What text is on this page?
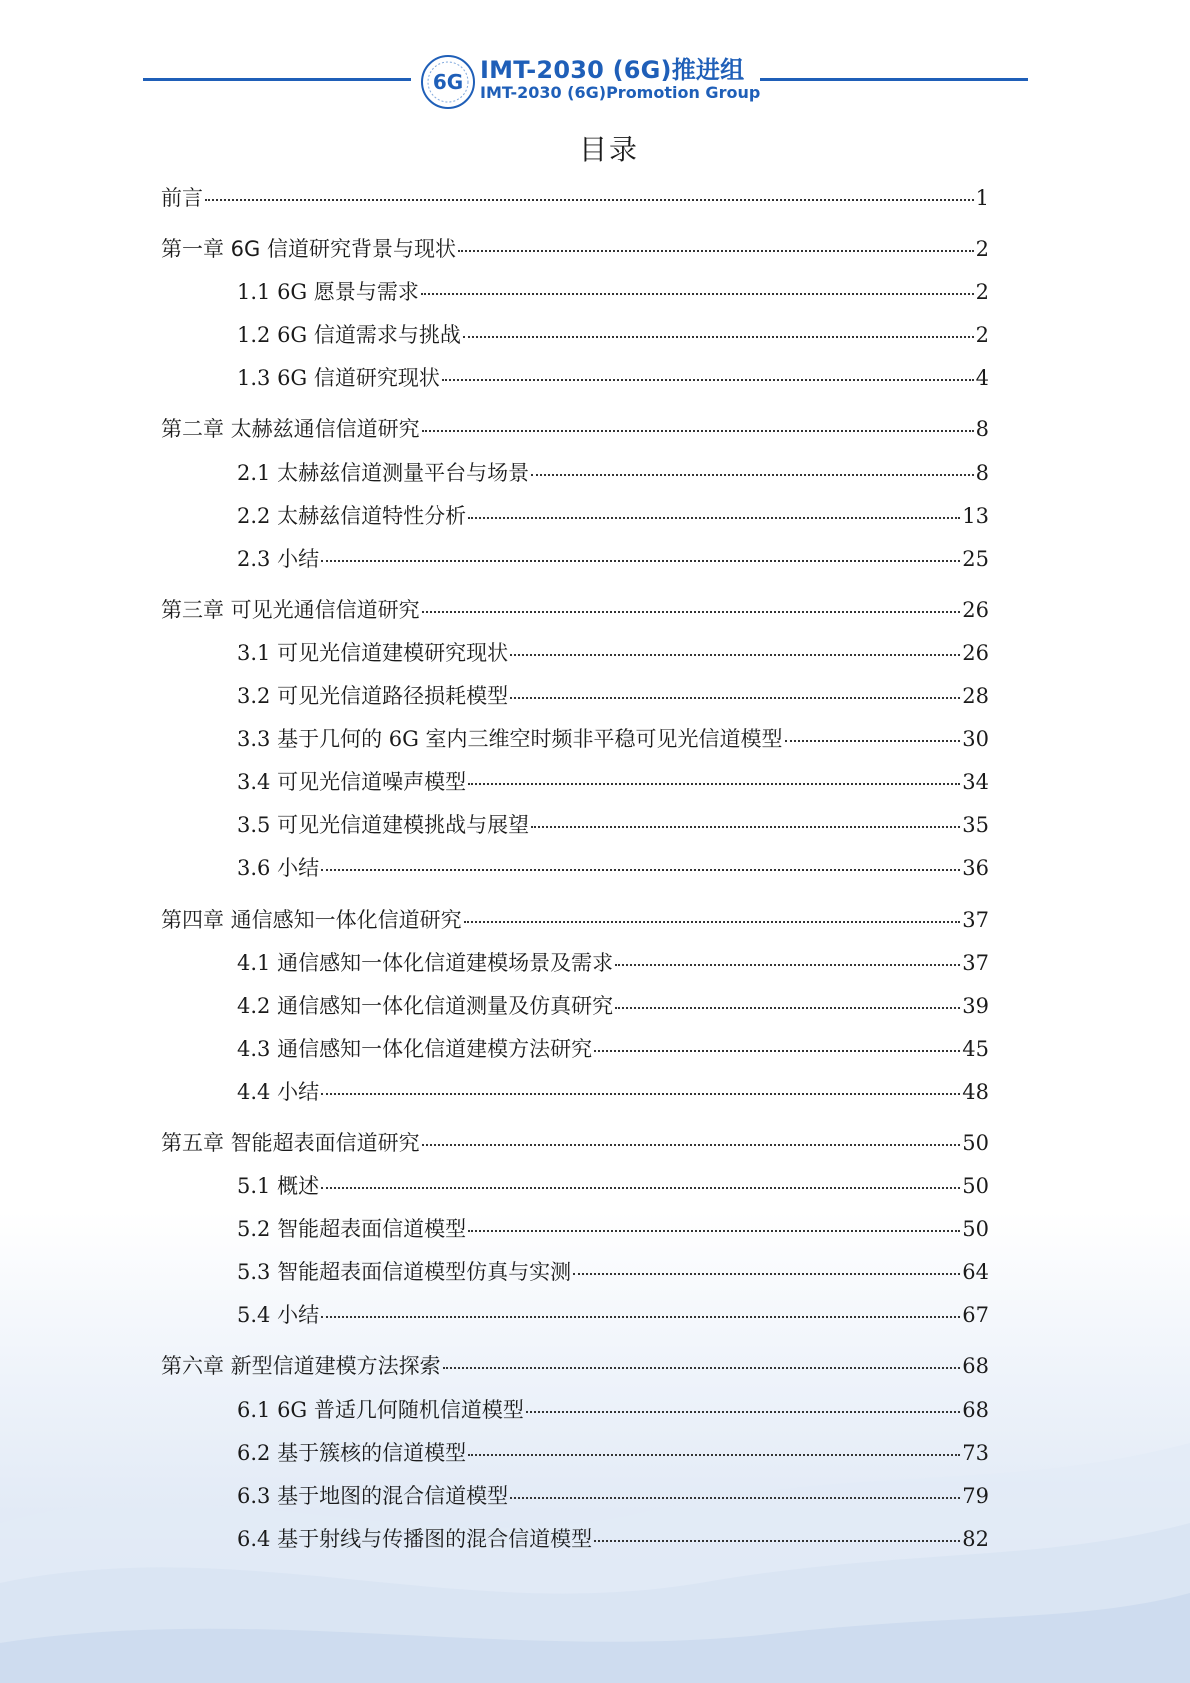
6G IMT-2030 (6G)推进组
IMT-2030 (6G)Promotion Group
目录
前言	1
第一章 6G 信道研究背景与现状	2
1.1 6G 愿景与需求	2
1.2 6G 信道需求与挑战	2
1.3 6G 信道研究现状	4
第二章 太赫兹通信信道研究	8
2.1 太赫兹信道测量平台与场景	8
2.2 太赫兹信道特性分析	13
2.3 小结	25
第三章 可见光通信信道研究	26
3.1 可见光信道建模研究现状	26
3.2 可见光信道路径损耗模型	28
3.3 基于几何的 6G 室内三维空时频非平稳可见光信道模型	30
3.4 可见光信道噪声模型	34
3.5 可见光信道建模挑战与展望	35
3.6 小结	36
第四章 通信感知一体化信道研究	37
4.1 通信感知一体化信道建模场景及需求	37
4.2 通信感知一体化信道测量及仿真研究	39
4.3 通信感知一体化信道建模方法研究	45
4.4 小结	48
第五章 智能超表面信道研究	50
5.1 概述	50
5.2 智能超表面信道模型	50
5.3 智能超表面信道模型仿真与实测	64
5.4 小结	67
第六章 新型信道建模方法探索	68
6.1 6G 普适几何随机信道模型	68
6.2 基于簇核的信道模型	73
6.3 基于地图的混合信道模型	79
6.4 基于射线与传播图的混合信道模型	82
